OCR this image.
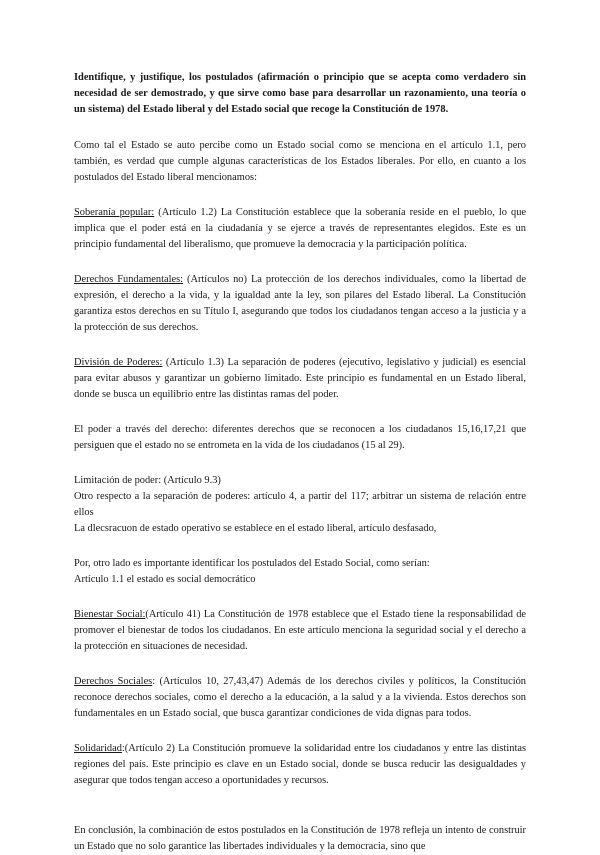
Identifique, y justifique, los postulados (afirmación o principio que se acepta como verdadero sin necesidad de ser demostrado, y que sirve como base para desarrollar un razonamiento, una teoría o un sistema) del Estado liberal y del Estado social que recoge la Constitución de 1978.

Como tal el Estado se auto percibe como un Estado social como se menciona en el artículo 1.1, pero también, es verdad que cumple algunas características de los Estados liberales. Por ello, en cuanto a los postulados del Estado liberal mencionamos:

Soberanía popular: (Artículo 1.2) La Constitución establece que la soberanía reside en el pueblo, lo que implica que el poder está en la ciudadanía y se ejerce a través de representantes elegidos. Este es un principio fundamental del liberalismo, que promueve la democracia y la participación política.

Derechos Fundamentales: (Artículos no) La protección de los derechos individuales, como la libertad de expresión, el derecho a la vida, y la igualdad ante la ley, son pilares del Estado liberal. La Constitución garantiza estos derechos en su Título I, asegurando que todos los ciudadanos tengan acceso a la justicia y a la protección de sus derechos.

División de Poderes: (Artículo 1.3) La separación de poderes (ejecutivo, legislativo y judicial) es esencial para evitar abusos y garantizar un gobierno limitado. Este principio es fundamental en un Estado liberal, donde se busca un equilibrio entre las distintas ramas del poder.

El poder a través del derecho: diferentes derechos que se reconocen a los ciudadanos 15,16,17,21 que persiguen que el estado no se entrometa en la vida de los ciudadanos (15 al 29).

Limitación de poder: (Artículo 9.3)

Otro respecto a la separación de poderes: artículo 4, a partir del 117; arbitrar un sistema de relación entre ellos

La dlecsracuon de estado operativo se establece en el estado liberal, artículo desfasado,

Por, otro lado es importante identificar los postulados del Estado Social, como serían:

Artículo 1.1 el estado es social democrático

Bienestar Social:(Artículo 41) La Constitución de 1978 establece que el Estado tiene la responsabilidad de promover el bienestar de todos los ciudadanos. En este artículo menciona la seguridad social y el derecho a la protección en situaciones de necesidad.

Derechos Sociales: (Artículos 10, 27,43,47) Además de los derechos civiles y políticos, la Constitución reconoce derechos sociales, como el derecho a la educación, a la salud y a la vivienda. Estos derechos son fundamentales en un Estado social, que busca garantizar condiciones de vida dignas para todos.

Solidaridad:(Artículo 2) La Constitución promueve la solidaridad entre los ciudadanos y entre las distintas regiones del país. Este principio es clave en un Estado social, donde se busca reducir las desigualdades y asegurar que todos tengan acceso a oportunidades y recursos.

En conclusión, la combinación de estos postulados en la Constitución de 1978 refleja un intento de construir un Estado que no solo garantice las libertades individuales y la democracia, sino que
